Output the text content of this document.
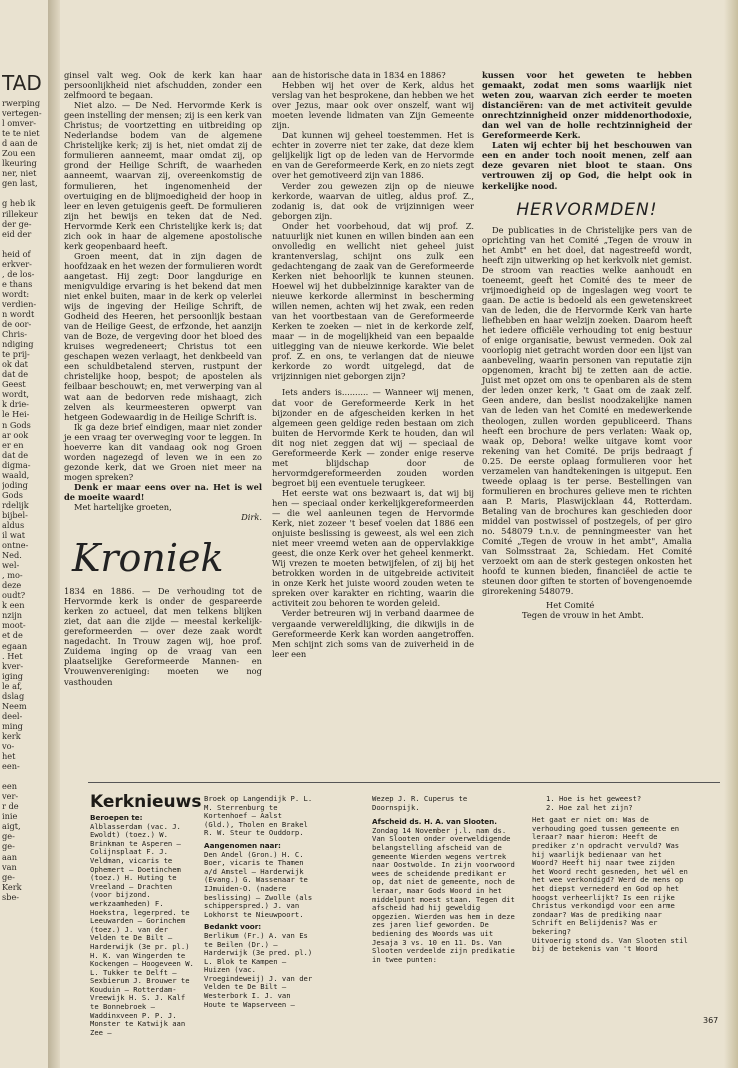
TAD
rwerping
vertegen-
l omver-
te te niet
d aan de
Zou een
lkeuring
ner, niet
gen last,
g heb ik
rillekeur
der ge-
eid der
heid of
erkver-
, de los-
e thans
wordt:
verdien-
n wordt
de oor-
Chris-
ndiging
te prij-
ok dat
dat de
Geest
wordt,
k drie-
le Hei-
n Gods
ar ook
er en
dat de
digma-
waald,
joding
Gods
rdelijk
bijbel-
aldus
il wat
ontne-
Ned.
wel-
, mo-
deze
oudt?
k een
nzijn
moot-
et de
egaan
. Het
kver-
iging
le af,
dslag
Neem
deel-
ming
kerk
vo-
het
een-
een
ver-
r de
inie
aigt,
ge-
ge-
aan
van
ge-
Kerk
sbe-

ginsel valt weg. Ook de kerk kan haar persoonlijkheid niet afschudden, zonder een zelfmoord te begaan.

Niet alzo. — De Ned. Hervormde Kerk is geen instelling der mensen; zij is een kerk van Christus; de voortzetting en uitbreiding op Nederlandse bodem van de algemene Christelijke kerk; zij is het, niet omdat zij de formulieren aanneemt, maar omdat zij, op grond der Heilige Schrift, de waarheden aanneemt, waarvan zij, overeenkomstig de formulieren, het ingenomenheid der overtuiging en de blijmoedigheid der hoop in leer en leven getuigenis geeft. De formulieren zijn het bewijs en teken dat de Ned. Hervormde Kerk een Christelijke kerk is; dat zich ook in haar de algemene apostolische kerk geopenbaard heeft.

Groen meent, dat in zijn dagen de hoofdzaak en het wezen der formulieren wordt aangetast. Hij zegt: Door langdurige en menigvuldige ervaring is het bekend dat men niet enkel buiten, maar in de kerk op velerlei wijs de ingeving der Heilige Schrift, de Godheid des Heeren, het persoonlijk bestaan van de Heilige Geest, de erfzonde, het aanzijn van de Boze, de vergeving door het bloed des kruises wegredeneert; Christus tot een geschapen wezen verlaagt, het denkbeeld van een schuldbetalend sterven, rustpunt der christelijke hoop, bespot; de apostelen als feilbaar beschouwt; en, met verwerping van al wat aan de bedorven rede mishaagt, zich zelven als keurmeesteren opwerpt van hetgeen Godewaardig in de Heilige Schrift is.

Ik ga deze brief eindigen, maar niet zonder je een vraag ter overweging voor te leggen. In hoeverre kan dit vandaag ook nog Groen worden nagezegd of leven we in een zo gezonde kerk, dat we Groen niet meer na mogen spreken?

Denk er maar eens over na. Het is wel de moeite waard!

Met hartelijke groeten,

Dirk.
Kroniek

1834 en 1886. — De verhouding tot de Hervormde kerk is onder de gespareerde kerken zo actueel, dat men telkens blijken ziet, dat aan die zijde — meestal kerkelijk-gereformeerden — over deze zaak wordt nagedacht. In Trouw zagen wij, hoe prof. Zuidema inging op de vraag van een plaatselijke Gereformeerde Mannen- en Vrouwenvereniging: moeten we nog vasthouden

aan de historische data in 1834 en 1886?

Hebben wij het over de Kerk, aldus het verslag van het besprokene, dan hebben we het over Jezus, maar ook over onszelf, want wij moeten levende lidmaten van Zijn Gemeente zijn.

Dat kunnen wij geheel toestemmen. Het is echter in zoverre niet ter zake, dat deze klem gelijkelijk ligt op de leden van de Hervormde en van de Gereformeerde Kerk, en zo niets zegt over het gemotiveerd zijn van 1886.

Verder zou gewezen zijn op de nieuwe kerkorde, waarvan de uitleg, aldus prof. Z., zodanig is, dat ook de vrijzinnigen weer geborgen zijn.

Onder het voorbehoud, dat wij prof. Z. natuurlijk niet kunen en willen binden aan een onvolledig en wellicht niet geheel juist krantenverslag, schijnt ons zulk een gedachtengang de zaak van de Gereformeerde Kerken niet behoorlijk te kunnen steunen. Hoewel wij het dubbelzinnige karakter van de nieuwe kerkorde allerminst in bescherming willen nemen, achten wij het zwak, een reden van het voortbestaan van de Gereformeerde Kerken te zoeken — niet in de kerkorde zelf, maar — in de mogelijkheid van een bepaalde uitlegging van de nieuwe kerkorde. Wie belet prof. Z. en ons, te verlangen dat de nieuwe kerkorde zo wordt uitgelegd, dat de vrijzinnigen niet geborgen zijn?

Iets anders is.......... — Wanneer wij menen, dat voor de Gereformeerde Kerk in het bijzonder en de afgescheiden kerken in het algemeen geen geldige reden bestaan om zich buiten de Hervormde Kerk te houden, dan wil dit nog niet zeggen dat wij — speciaal de Gereformeerde Kerk — zonder enige reserve met blijdschap door de hervormdgereformeerden zouden worden begroet bij een eventuele terugkeer.

Het eerste wat ons bezwaart is, dat wij bij hen — speciaal onder kerkelijkgereformeerden — die wel aanleunen tegen de Hervormde Kerk, niet zozeer 't besef voelen dat 1886 een onjuiste beslissing is geweest, als wel een zich niet meer vreemd weten aan de oppervlakkige geest, die onze Kerk over het geheel kenmerkt. Wij vrezen te moeten betwijfelen, of zij bij het betrokken worden in de uitgebreide activiteit in onze Kerk het juiste woord zouden weten te spreken over karakter en richting, waarin die activiteit zou behoren te worden geleid.

Verder betreuren wij in verband daarmee de vergaande verwereldlijking, die dikwijls in de Gereformeerde Kerk kan worden aangetroffen. Men schijnt zich soms van de zuiverheid in de leer een

kussen voor het geweten te hebben gemaakt, zodat men soms waarlijk niet weten zou, waarvan zich eerder te moeten distanciëren: van de met activiteit gevulde onrechtzinnigheid onzer middenorthodoxie, dan wel van de holle rechtzinnigheid der Gereformeerde Kerk.

Laten wij echter bij het beschouwen van een en ander toch nooit menen, zelf aan deze gevaren niet bloot te staan. Ons vertrouwen zij op God, die helpt ook in kerkelijke nood.

HERVORMDEN!

De publicaties in de Christelijke pers van de oprichting van het Comité „Tegen de vrouw in het Ambt" en het doel, dat nagestreefd wordt, heeft zijn uitwerking op het kerkvolk niet gemist. De stroom van reacties welke aanhoudt en toeneemt, geeft het Comité des te meer de vrijmoedigheid op de ingeslagen weg voort te gaan. De actie is bedoeld als een gewetenskreet van de leden, die de Hervormde Kerk van harte liefhebben en haar welzijn zoeken. Daarom heeft het iedere officiële verhouding tot enig bestuur of enige organisatie, bewust vermeden. Ook zal voorlopig niet getracht worden door een lijst van aanbeveling, waarin personen van reputatie zijn opgenomen, kracht bij te zetten aan de actie. Juist met opzet om ons te openbaren als de stem der leden onzer kerk, 't Gaat om de zaak zelf. Geen andere, dan beslist noodzakelijke namen van de leden van het Comité en medewerkende theologen, zullen worden gepubliceerd. Thans heeft een brochure de pers verlaten: Waak op, waak op, Debora! welke uitgave komt voor rekening van het Comité. De prijs bedraagt ƒ 0.25. De eerste oplaag formulieren voor het verzamelen van handtekeningen is uitgeput. Een tweede oplaag is ter perse. Bestellingen van formulieren en brochures gelieve men te richten aan P. Maris, Plaswijcklaan 44, Rotterdam. Betaling van de brochures kan geschieden door middel van postwissel of postzegels, of per giro no. 548079 t.n.v. de penningmeester van het Comité „Tegen de vrouw in het ambt", Amalia van Solmsstraat 2a, Schiedam. Het Comité verzoekt om aan de sterk gestegen onkosten het hoofd te kunnen bieden, financiëel de actie te steunen door giften te storten of bovengenoemde girorekening 548079.

Het Comité
Tegen de vrouw in het Ambt.
Kerknieuws

Beroepen te:

Alblasserdam (vac. J. Ewoldt) (toez.) W. Brinkman te Asperen — Colijnsplaat F. J. Veldman, vicaris te Ophemert — Doetinchem (toez.) H. Huting te Vreeland — Drachten (voor bijzond. werkzaamheden) F. Hoekstra, legerpred. te Leeuwarden — Gorinchem (toez.) J. van der Velden te De Bilt — Harderwijk (3e pr. pl.) H. K. van Wingerden te Kockengen — Hoogeveen W. L. Tukker te Delft — Sexbierum J. Brouwer te Kouduin — Rotterdam-Vreewijk H. S. J. Kalf te Bonnebroek — Waddinxveen P. P. J. Monster te Katwijk aan Zee —

Broek op Langendijk P. L. M. Sterrenburg te Kortenhoef — Aalst (Gld.), Tholen en Brakel R. W. Steur te Ouddorp.

Aangenomen naar:

Den Andel (Gron.) H. C. Boer, vicaris te Thamen a/d Amstel — Harderwijk (Evang.) G. Wassenaar te IJmuiden-O. (nadere beslissing) — Zwolle (als schipperspred.) J. van Lokhorst te Nieuwpoort.

Bedankt voor:

Berlikum (Fr.) A. van Es te Beilen (Dr.) — Harderwijk (3e pred. pl.) L. Blok te Kampen — Huizen (vac. Vroegindeweij) J. van der Velden te De Bilt — Westerbork I. J. van Houte te Wapserveen —

Wezep J. R. Cuperus te Doornspijk.

Afscheid ds. H. A. van Slooten.

Zondag 14 November j.l. nam ds. Van Slooten onder overweldigende belangstelling afscheid van de gemeente Wierden wegens vertrek naar Oostwolde. In zijn voorwoord wees de scheidende predikant er op, dat niet de gemeente, noch de leraar, maar Gods Woord in het middelpunt moest staan. Tegen dit afscheid had hij geweldig opgezien. Wierden was hem in deze zes jaren lief geworden. De bediening des Woords was uit Jesaja 3 vs. 10 en 11. Ds. Van Slooten verdeelde zijn predikatie in twee punten:

1. Hoe is het geweest?

2. Hoe zal het zijn?

Het gaat er niet om: Was de verhouding goed tussen gemeente en leraar? maar hierom: Heeft de prediker z'n opdracht vervuld? Was hij waarlijk bedienaar van het Woord? Heeft hij naar twee zijden het Woord recht gesneden, het wél en het wee verkondigd? Werd de mens op het diepst vernederd en God op het hoogst verheerlijkt? Is een rijke Christus verkondigd voor een arme zondaar? Was de prediking naar Schrift en Belijdenis? Was er bekering?

Uitvoerig stond ds. Van Slooten stil bij de betekenis van 't Woord

367
